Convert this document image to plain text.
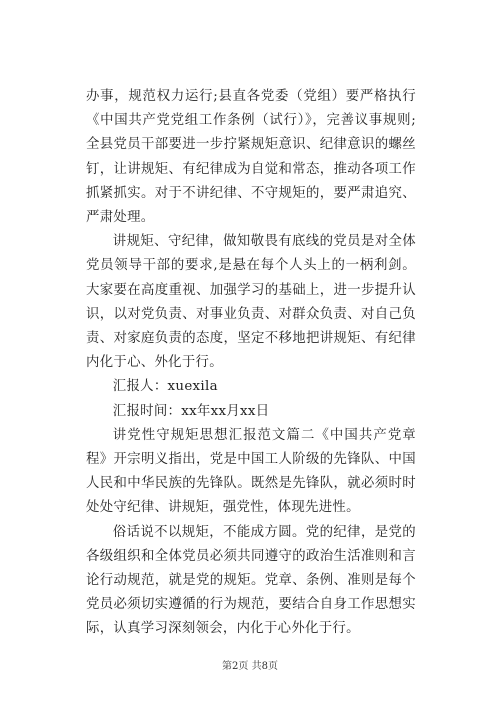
办事，规范权力运行;县直各党委（党组）要严格执行《中国共产党党组工作条例（试行）》，完善议事规则;全县党员干部要进一步拧紧规矩意识、纪律意识的螺丝钉，让讲规矩、有纪律成为自觉和常态，推动各项工作抓紧抓实。对于不讲纪律、不守规矩的，要严肃追究、严肃处理。

讲规矩、守纪律，做知敬畏有底线的党员是对全体党员领导干部的要求,是悬在每个人头上的一柄利剑。大家要在高度重视、加强学习的基础上，进一步提升认识，以对党负责、对事业负责、对群众负责、对自己负责、对家庭负责的态度，坚定不移地把讲规矩、有纪律内化于心、外化于行。

汇报人：xuexila

汇报时间：xx年xx月xx日

讲党性守规矩思想汇报范文篇二《中国共产党章程》开宗明义指出，党是中国工人阶级的先锋队、中国人民和中华民族的先锋队。既然是先锋队，就必须时时处处守纪律、讲规矩，强党性，体现先进性。

俗话说不以规矩，不能成方圆。党的纪律，是党的各级组织和全体党员必须共同遵守的政治生活准则和言论行动规范，就是党的规矩。党章、条例、准则是每个党员必须切实遵循的行为规范，要结合自身工作思想实际，认真学习深刻领会，内化于心外化于行。

第2页 共8页
